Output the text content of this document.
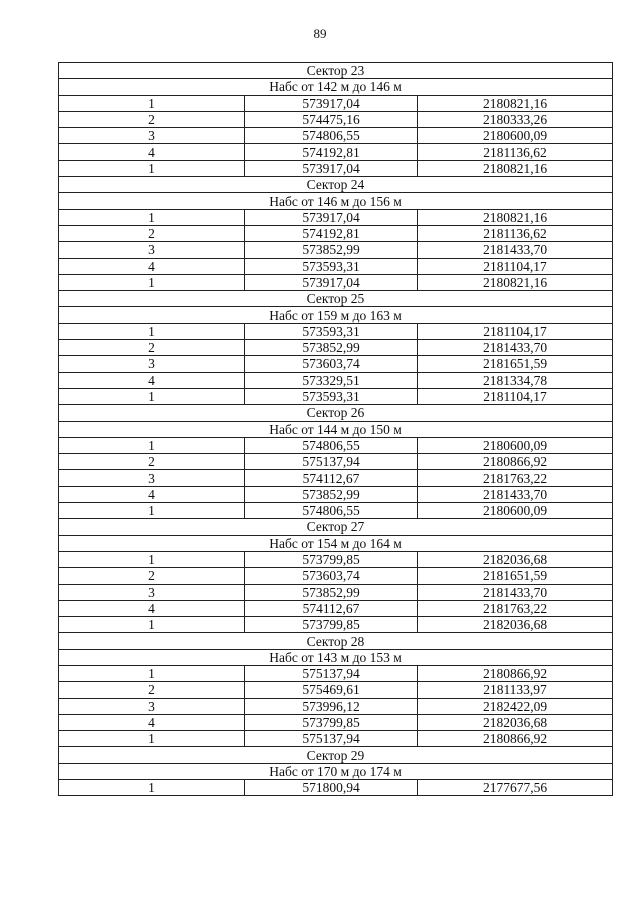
89
Сектор 23		
Набс от 142 м до 146 м		
1	573917,04	2180821,16
2	574475,16	2180333,26
3	574806,55	2180600,09
4	574192,81	2181136,62
1	573917,04	2180821,16
Сектор 24		
Набс от 146 м до 156 м		
1	573917,04	2180821,16
2	574192,81	2181136,62
3	573852,99	2181433,70
4	573593,31	2181104,17
1	573917,04	2180821,16
Сектор 25		
Набс от 159 м до 163 м		
1	573593,31	2181104,17
2	573852,99	2181433,70
3	573603,74	2181651,59
4	573329,51	2181334,78
1	573593,31	2181104,17
Сектор 26		
Набс от 144 м до 150 м		
1	574806,55	2180600,09
2	575137,94	2180866,92
3	574112,67	2181763,22
4	573852,99	2181433,70
1	574806,55	2180600,09
Сектор 27		
Набс от 154 м до 164 м		
1	573799,85	2182036,68
2	573603,74	2181651,59
3	573852,99	2181433,70
4	574112,67	2181763,22
1	573799,85	2182036,68
Сектор 28		
Набс от 143 м до 153 м		
1	575137,94	2180866,92
2	575469,61	2181133,97
3	573996,12	2182422,09
4	573799,85	2182036,68
1	575137,94	2180866,92
Сектор 29		
Набс от 170 м до 174 м		
1	571800,94	2177677,56
